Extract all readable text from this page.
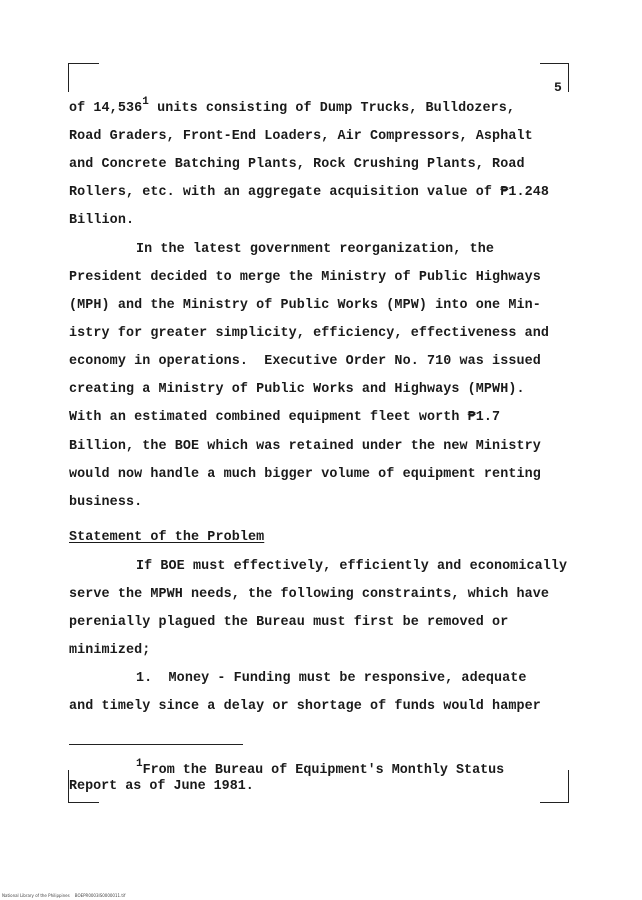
5
of 14,536$^1$ units consisting of Dump Trucks, Bulldozers,
Road Graders, Front-End Loaders, Air Compressors, Asphalt
and Concrete Batching Plants, Rock Crushing Plants, Road
Rollers, etc. with an aggregate acquisition value of ₱1.248
Billion.
In the latest government reorganization, the
President decided to merge the Ministry of Public Highways
(MPH) and the Ministry of Public Works (MPW) into one Min-
istry for greater simplicity, efficiency, effectiveness and
economy in operations.  Executive Order No. 710 was issued
creating a Ministry of Public Works and Highways (MPWH).
With an estimated combined equipment fleet worth ₱1.7
Billion, the BOE which was retained under the new Ministry
would now handle a much bigger volume of equipment renting
business.
Statement of the Problem
If BOE must effectively, efficiently and economically
serve the MPWH needs, the following constraints, which have
perenially plagued the Bureau must first be removed or
minimized;
1.  Money - Funding must be responsive, adequate
and timely since a delay or shortage of funds would hamper
$^1$From the Bureau of Equipment's Monthly Status
Report as of June 1981.
National Library of the Philippines    BOEPR0003IS0000011.tif
